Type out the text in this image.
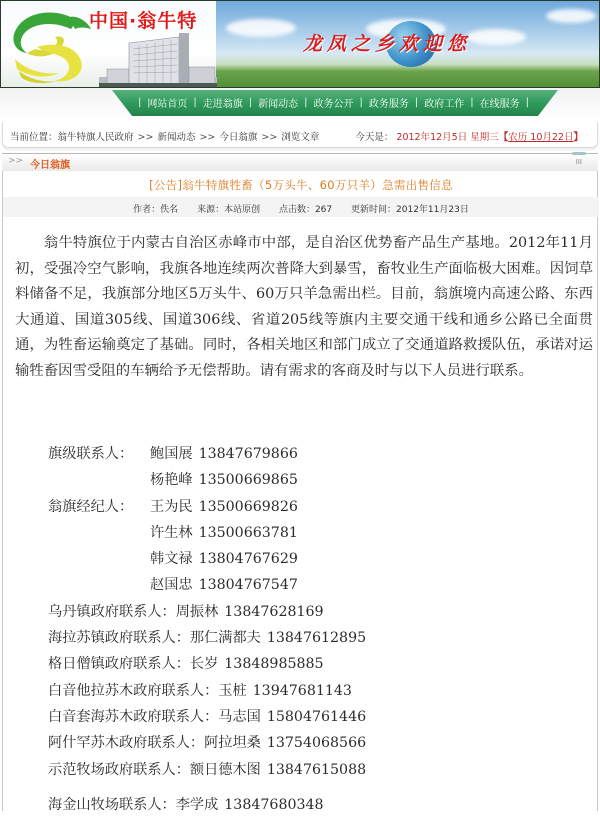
中国·翁牛特
龙凤之乡欢迎您
| 网站首页 | 走进翁旗 | 新闻动态 | 政务公开 | 政务服务 | 政府工作 | 在线服务 |
当前位置：翁牛特旗人民政府 >> 新闻动态 >> 今日翁旗 >> 浏览文章	今天是： 2012年12月5日 星期三【农历 10月22日】
>> 今日翁旗	III
[公告]翁牛特旗牲畜（5万头牛、60万只羊）急需出售信息
作者：佚名 来源：本站原创 点击数：267 更新时间：2012年11月23日

翁牛特旗位于内蒙古自治区赤峰市中部，是自治区优势畜产品生产基地。2012年11月初，受强冷空气影响，我旗各地连续两次普降大到暴雪，畜牧业生产面临极大困难。因饲草料储备不足，我旗部分地区5万头牛、60万只羊急需出栏。目前，翁旗境内高速公路、东西大通道、国道305线、国道306线、省道205线等旗内主要交通干线和通乡公路已全面贯通，为牲畜运输奠定了基础。同时，各相关地区和部门成立了交通道路救援队伍，承诺对运输牲畜因雪受阻的车辆给予无偿帮助。请有需求的客商及时与以下人员进行联系。

旗级联系人：	鲍国展 13847679866
杨艳峰 13500669865
翁旗经纪人：	王为民 13500669826
许生林 13500663781
韩文禄 13804767629
赵国忠 13804767547
乌丹镇政府联系人： 周振林 13847628169
海拉苏镇政府联系人： 那仁满都夫 13847612895
格日僧镇政府联系人： 长岁 13848985885
白音他拉苏木政府联系人： 玉桩 13947681143
白音套海苏木政府联系人： 马志国 15804761446
阿什罕苏木政府联系人： 阿拉坦桑 13754068566
示范牧场政府联系人： 额日德木图 13847615088
海金山牧场联系人： 李学成 13847680348
